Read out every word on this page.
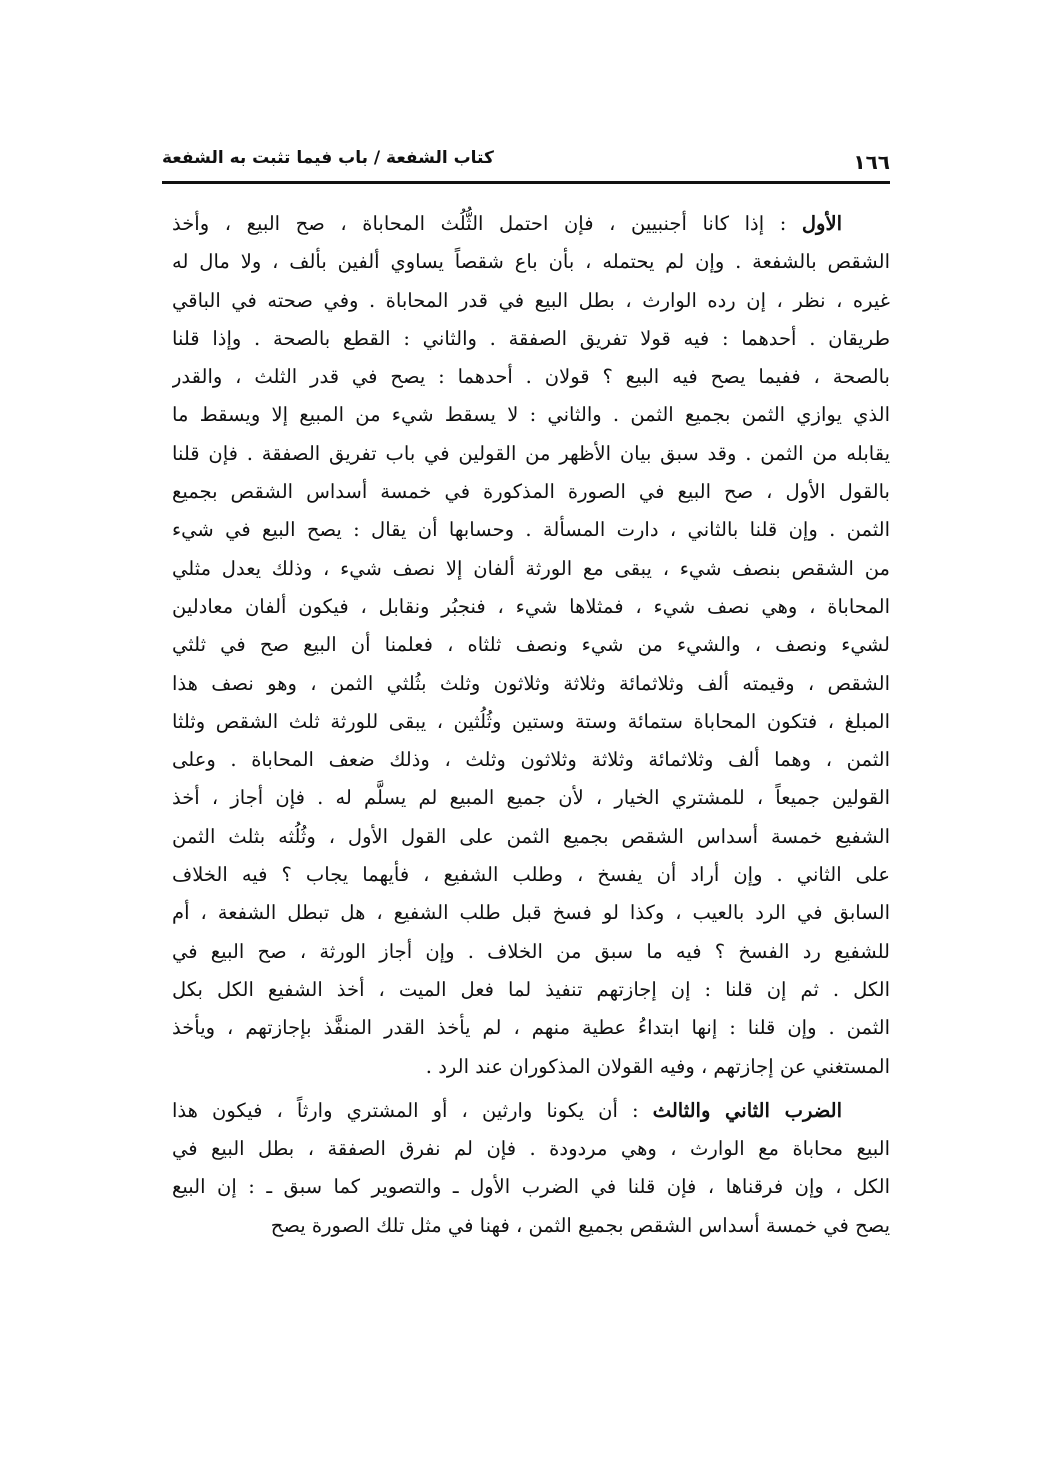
١٦٦
كتاب الشفعة / باب فيما تثبت به الشفعة
الأول : إذا كانا أجنبيين ، فإن احتمل الثُّلُث المحاباة ، صح البيع ، وأخذ
الشقص بالشفعة . وإن لم يحتمله ، بأن باع شقصاً يساوي ألفين بألف ، ولا مال له
غيره ، نظر ، إن رده الوارث ، بطل البيع في قدر المحاباة . وفي صحته في الباقي
طريقان . أحدهما : فيه قولا تفريق الصفقة . والثاني : القطع بالصحة . وإذا قلنا
بالصحة ، ففيما يصح فيه البيع ؟ قولان . أحدهما : يصح في قدر الثلث ، والقدر
الذي يوازي الثمن بجميع الثمن . والثاني : لا يسقط شيء من المبيع إلا ويسقط ما
يقابله من الثمن . وقد سبق بيان الأظهر من القولين في باب تفريق الصفقة . فإن قلنا
بالقول الأول ، صح البيع في الصورة المذكورة في خمسة أسداس الشقص بجميع
الثمن . وإن قلنا بالثاني ، دارت المسألة . وحسابها أن يقال : يصح البيع في شيء
من الشقص بنصف شيء ، يبقى مع الورثة ألفان إلا نصف شيء ، وذلك يعدل مثلي
المحاباة ، وهي نصف شيء ، فمثلاها شيء ، فنجبُر ونقابل ، فيكون ألفان معادلين
لشيء ونصف ، والشيء من شيء ونصف ثلثاه ، فعلمنا أن البيع صح في ثلثي
الشقص ، وقيمته ألف وثلاثمائة وثلاثة وثلاثون وثلث بثُلثي الثمن ، وهو نصف هذا
المبلغ ، فتكون المحاباة ستمائة وستة وستين وثُلُثين ، يبقى للورثة ثلث الشقص وثلثا
الثمن ، وهما ألف وثلاثمائة وثلاثة وثلاثون وثلث ، وذلك ضعف المحاباة . وعلى
القولين جميعاً ، للمشتري الخيار ، لأن جميع المبيع لم يسلَّم له . فإن أجاز ، أخذ
الشفيع خمسة أسداس الشقص بجميع الثمن على القول الأول ، وثُلُثه بثلث الثمن
على الثاني . وإن أراد أن يفسخ ، وطلب الشفيع ، فأيهما يجاب ؟ فيه الخلاف
السابق في الرد بالعيب ، وكذا لو فسخ قبل طلب الشفيع ، هل تبطل الشفعة ، أم
للشفيع رد الفسخ ؟ فيه ما سبق من الخلاف . وإن أجاز الورثة ، صح البيع في
الكل . ثم إن قلنا : إن إجازتهم تنفيذ لما فعل الميت ، أخذ الشفيع الكل بكل
الثمن . وإن قلنا : إنها ابتداءُ عطية منهم ، لم يأخذ القدر المنفَّذ بإجازتهم ، ويأخذ
المستغني عن إجازتهم ، وفيه القولان المذكوران عند الرد .
الضرب الثاني والثالث : أن يكونا وارثين ، أو المشتري وارثاً ، فيكون هذا
البيع محاباة مع الوارث ، وهي مردودة . فإن لم نفرق الصفقة ، بطل البيع في
الكل ، وإن فرقناها ، فإن قلنا في الضرب الأول ـ والتصوير كما سبق ـ : إن البيع
يصح في خمسة أسداس الشقص بجميع الثمن ، فهنا في مثل تلك الصورة يصح
